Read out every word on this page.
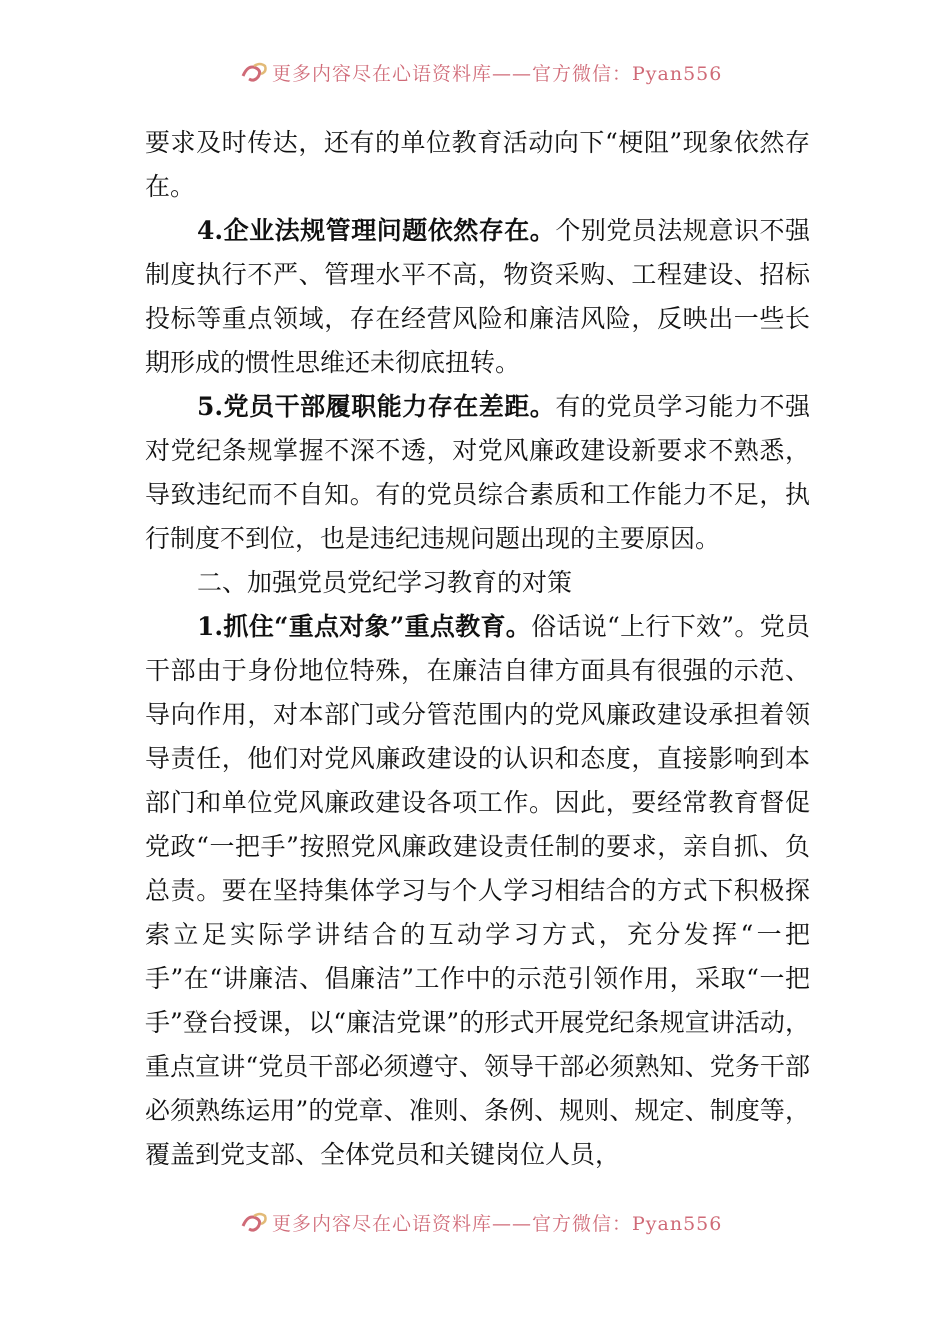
更多内容尽在心语资料库——官方微信：Pyan556

要求及时传达，还有的单位教育活动向下“梗阻”现象依然存在。

4.企业法规管理问题依然存在。个别党员法规意识不强制度执行不严、管理水平不高，物资采购、工程建设、招标投标等重点领域，存在经营风险和廉洁风险，反映出一些长期形成的惯性思维还未彻底扭转。

5.党员干部履职能力存在差距。有的党员学习能力不强对党纪条规掌握不深不透，对党风廉政建设新要求不熟悉，导致违纪而不自知。有的党员综合素质和工作能力不足，执行制度不到位，也是违纪违规问题出现的主要原因。

二、加强党员党纪学习教育的对策

1.抓住“重点对象”重点教育。俗话说“上行下效”。党员干部由于身份地位特殊，在廉洁自律方面具有很强的示范、导向作用，对本部门或分管范围内的党风廉政建设承担着领导责任，他们对党风廉政建设的认识和态度，直接影响到本部门和单位党风廉政建设各项工作。因此，要经常教育督促党政“一把手”按照党风廉政建设责任制的要求，亲自抓、负总责。要在坚持集体学习与个人学习相结合的方式下积极探索立足实际学讲结合的互动学习方式，充分发挥“一把手”在“讲廉洁、倡廉洁”工作中的示范引领作用，采取“一把手”登台授课，以“廉洁党课”的形式开展党纪条规宣讲活动，重点宣讲“党员干部必须遵守、领导干部必须熟知、党务干部必须熟练运用”的党章、准则、条例、规则、规定、制度等，覆盖到党支部、全体党员和关键岗位人员，

更多内容尽在心语资料库——官方微信：Pyan556
